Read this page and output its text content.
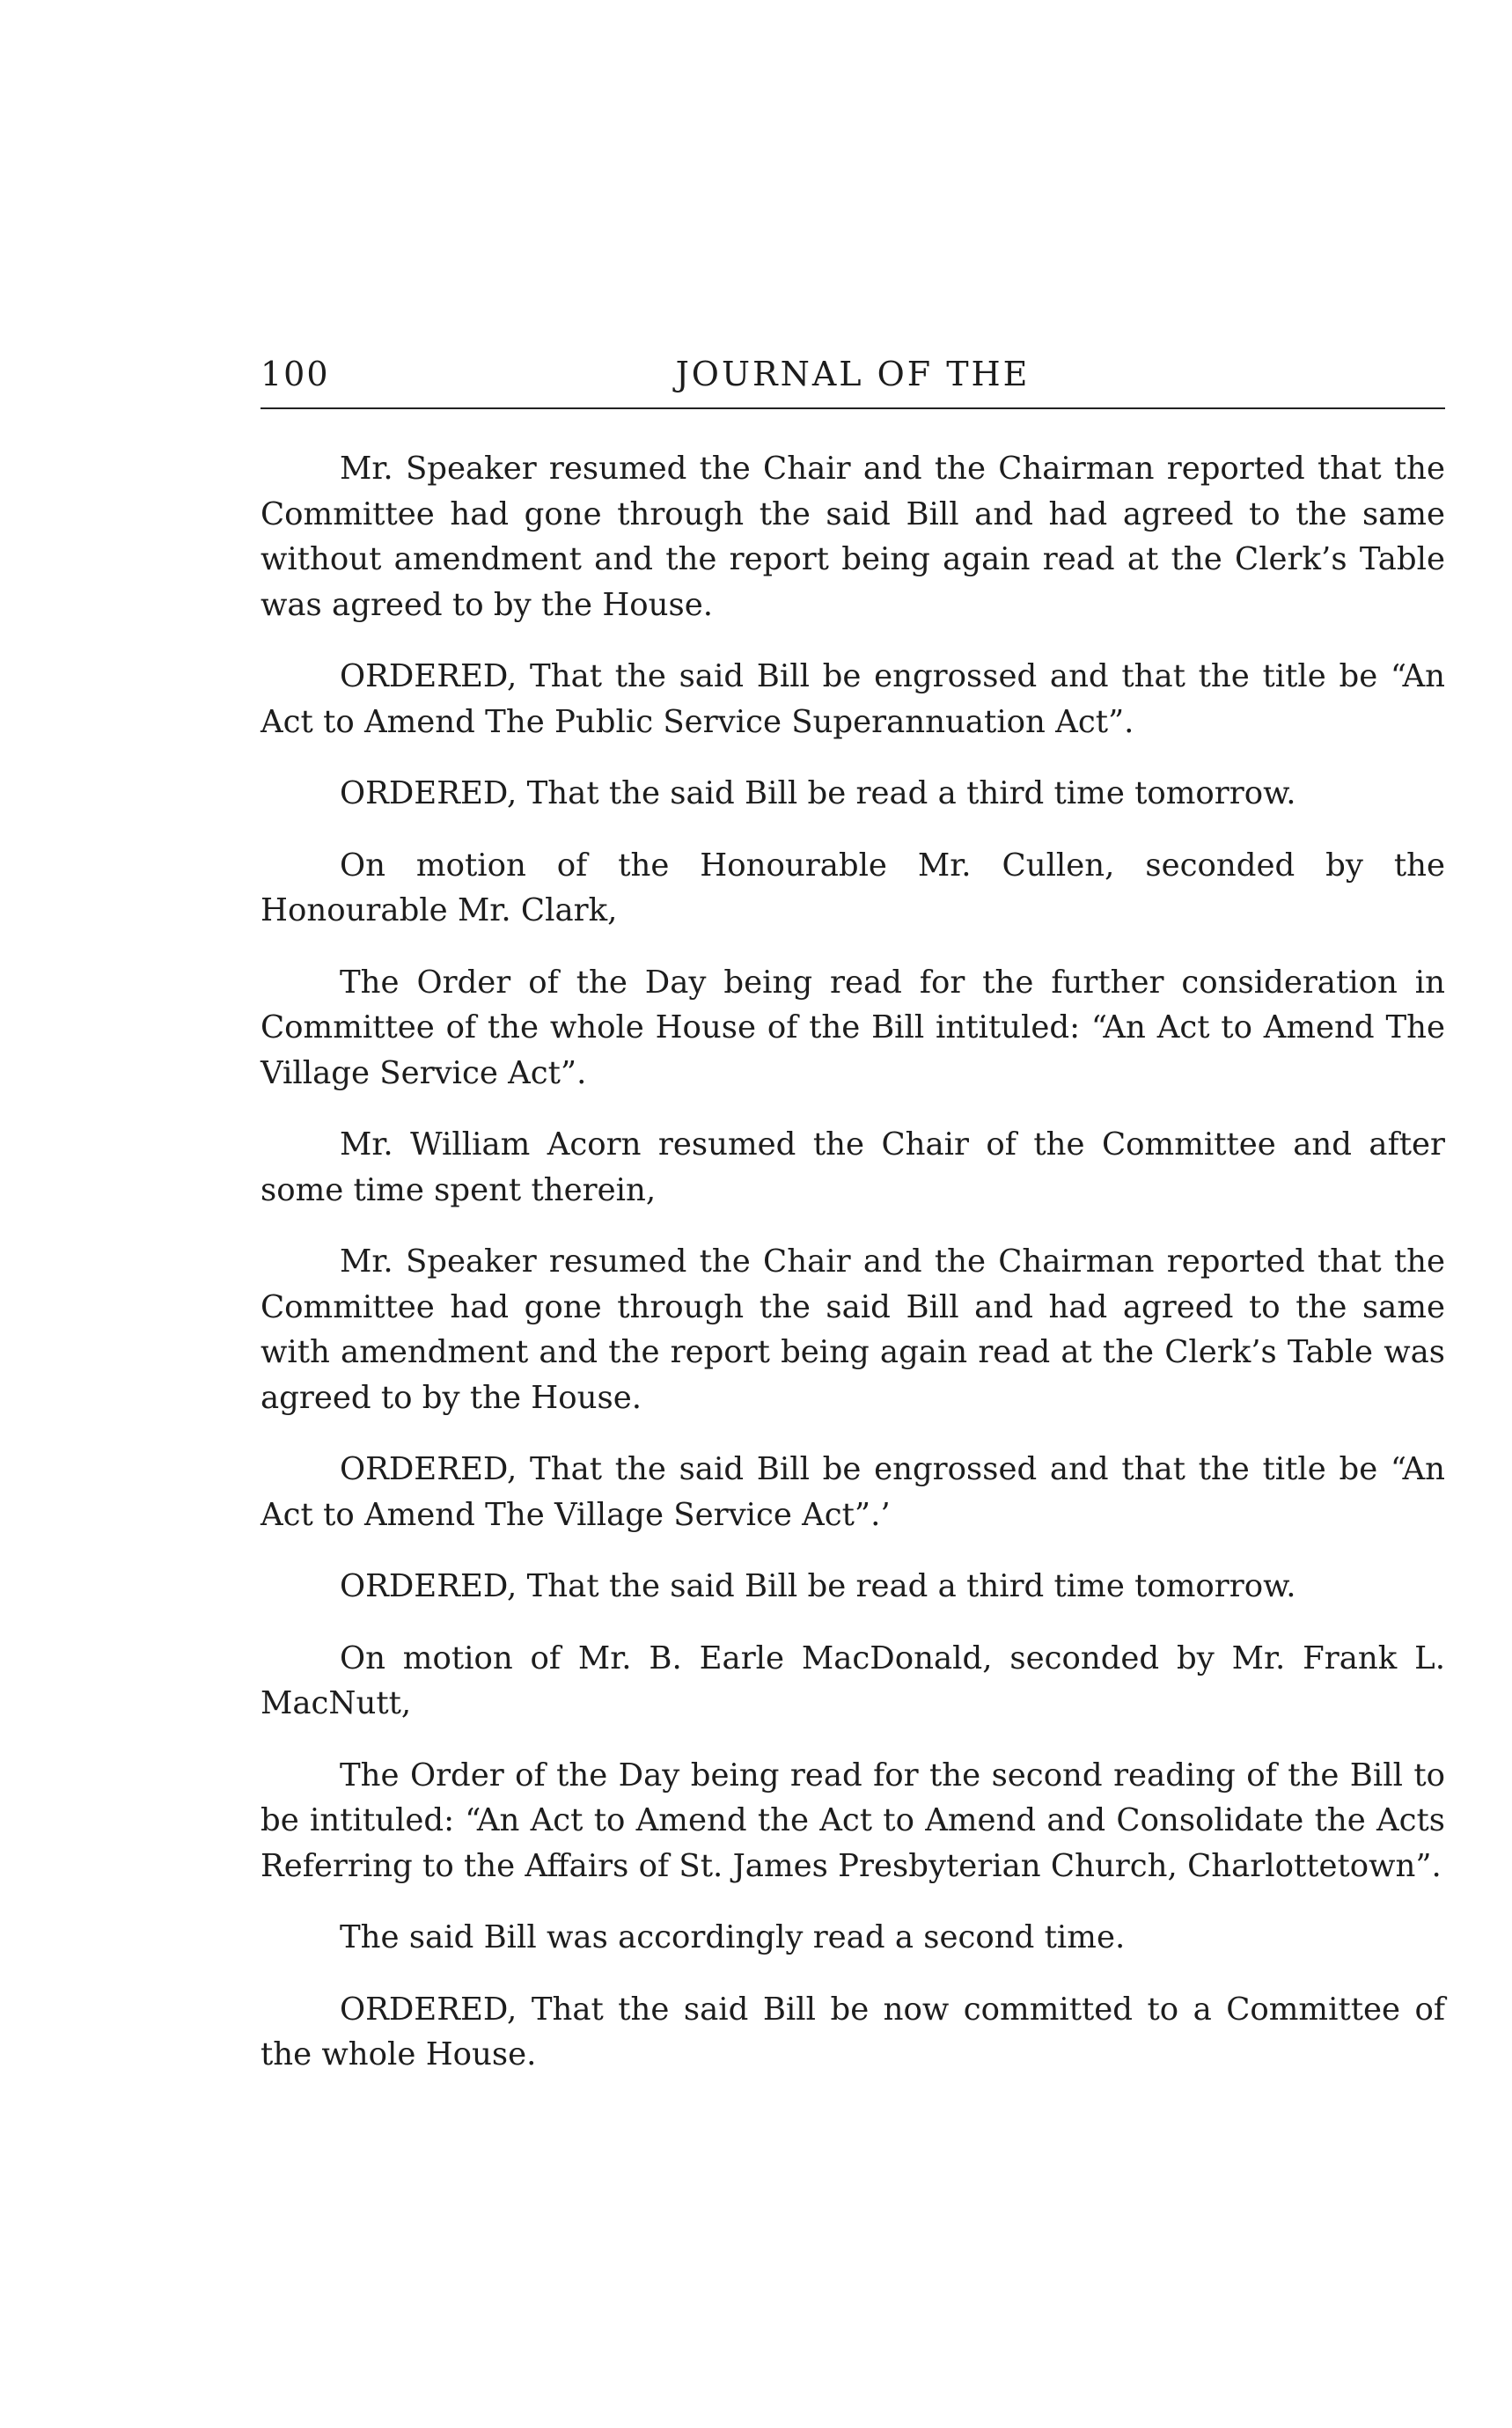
100	JOURNAL OF THE

Mr. Speaker resumed the Chair and the Chairman reported that the Committee had gone through the said Bill and had agreed to the same without amendment and the report being again read at the Clerk’s Table was agreed to by the House.

ORDERED, That the said Bill be engrossed and that the title be “An Act to Amend The Public Service Superannuation Act”.

ORDERED, That the said Bill be read a third time tomorrow.

On motion of the Honourable Mr. Cullen, seconded by the Honourable Mr. Clark,

The Order of the Day being read for the further consideration in Committee of the whole House of the Bill intituled: “An Act to Amend The Village Service Act”.

Mr. William Acorn resumed the Chair of the Committee and after some time spent therein,

Mr. Speaker resumed the Chair and the Chairman reported that the Committee had gone through the said Bill and had agreed to the same with amendment and the report being again read at the Clerk’s Table was agreed to by the House.

ORDERED, That the said Bill be engrossed and that the title be “An Act to Amend The Village Service Act”.’

ORDERED, That the said Bill be read a third time tomorrow.

On motion of Mr. B. Earle MacDonald, seconded by Mr. Frank L. MacNutt,

The Order of the Day being read for the second reading of the Bill to be intituled: “An Act to Amend the Act to Amend and Consolidate the Acts Referring to the Affairs of St. James Presbyterian Church, Charlottetown”.

The said Bill was accordingly read a second time.

ORDERED, That the said Bill be now committed to a Committee of the whole House.
